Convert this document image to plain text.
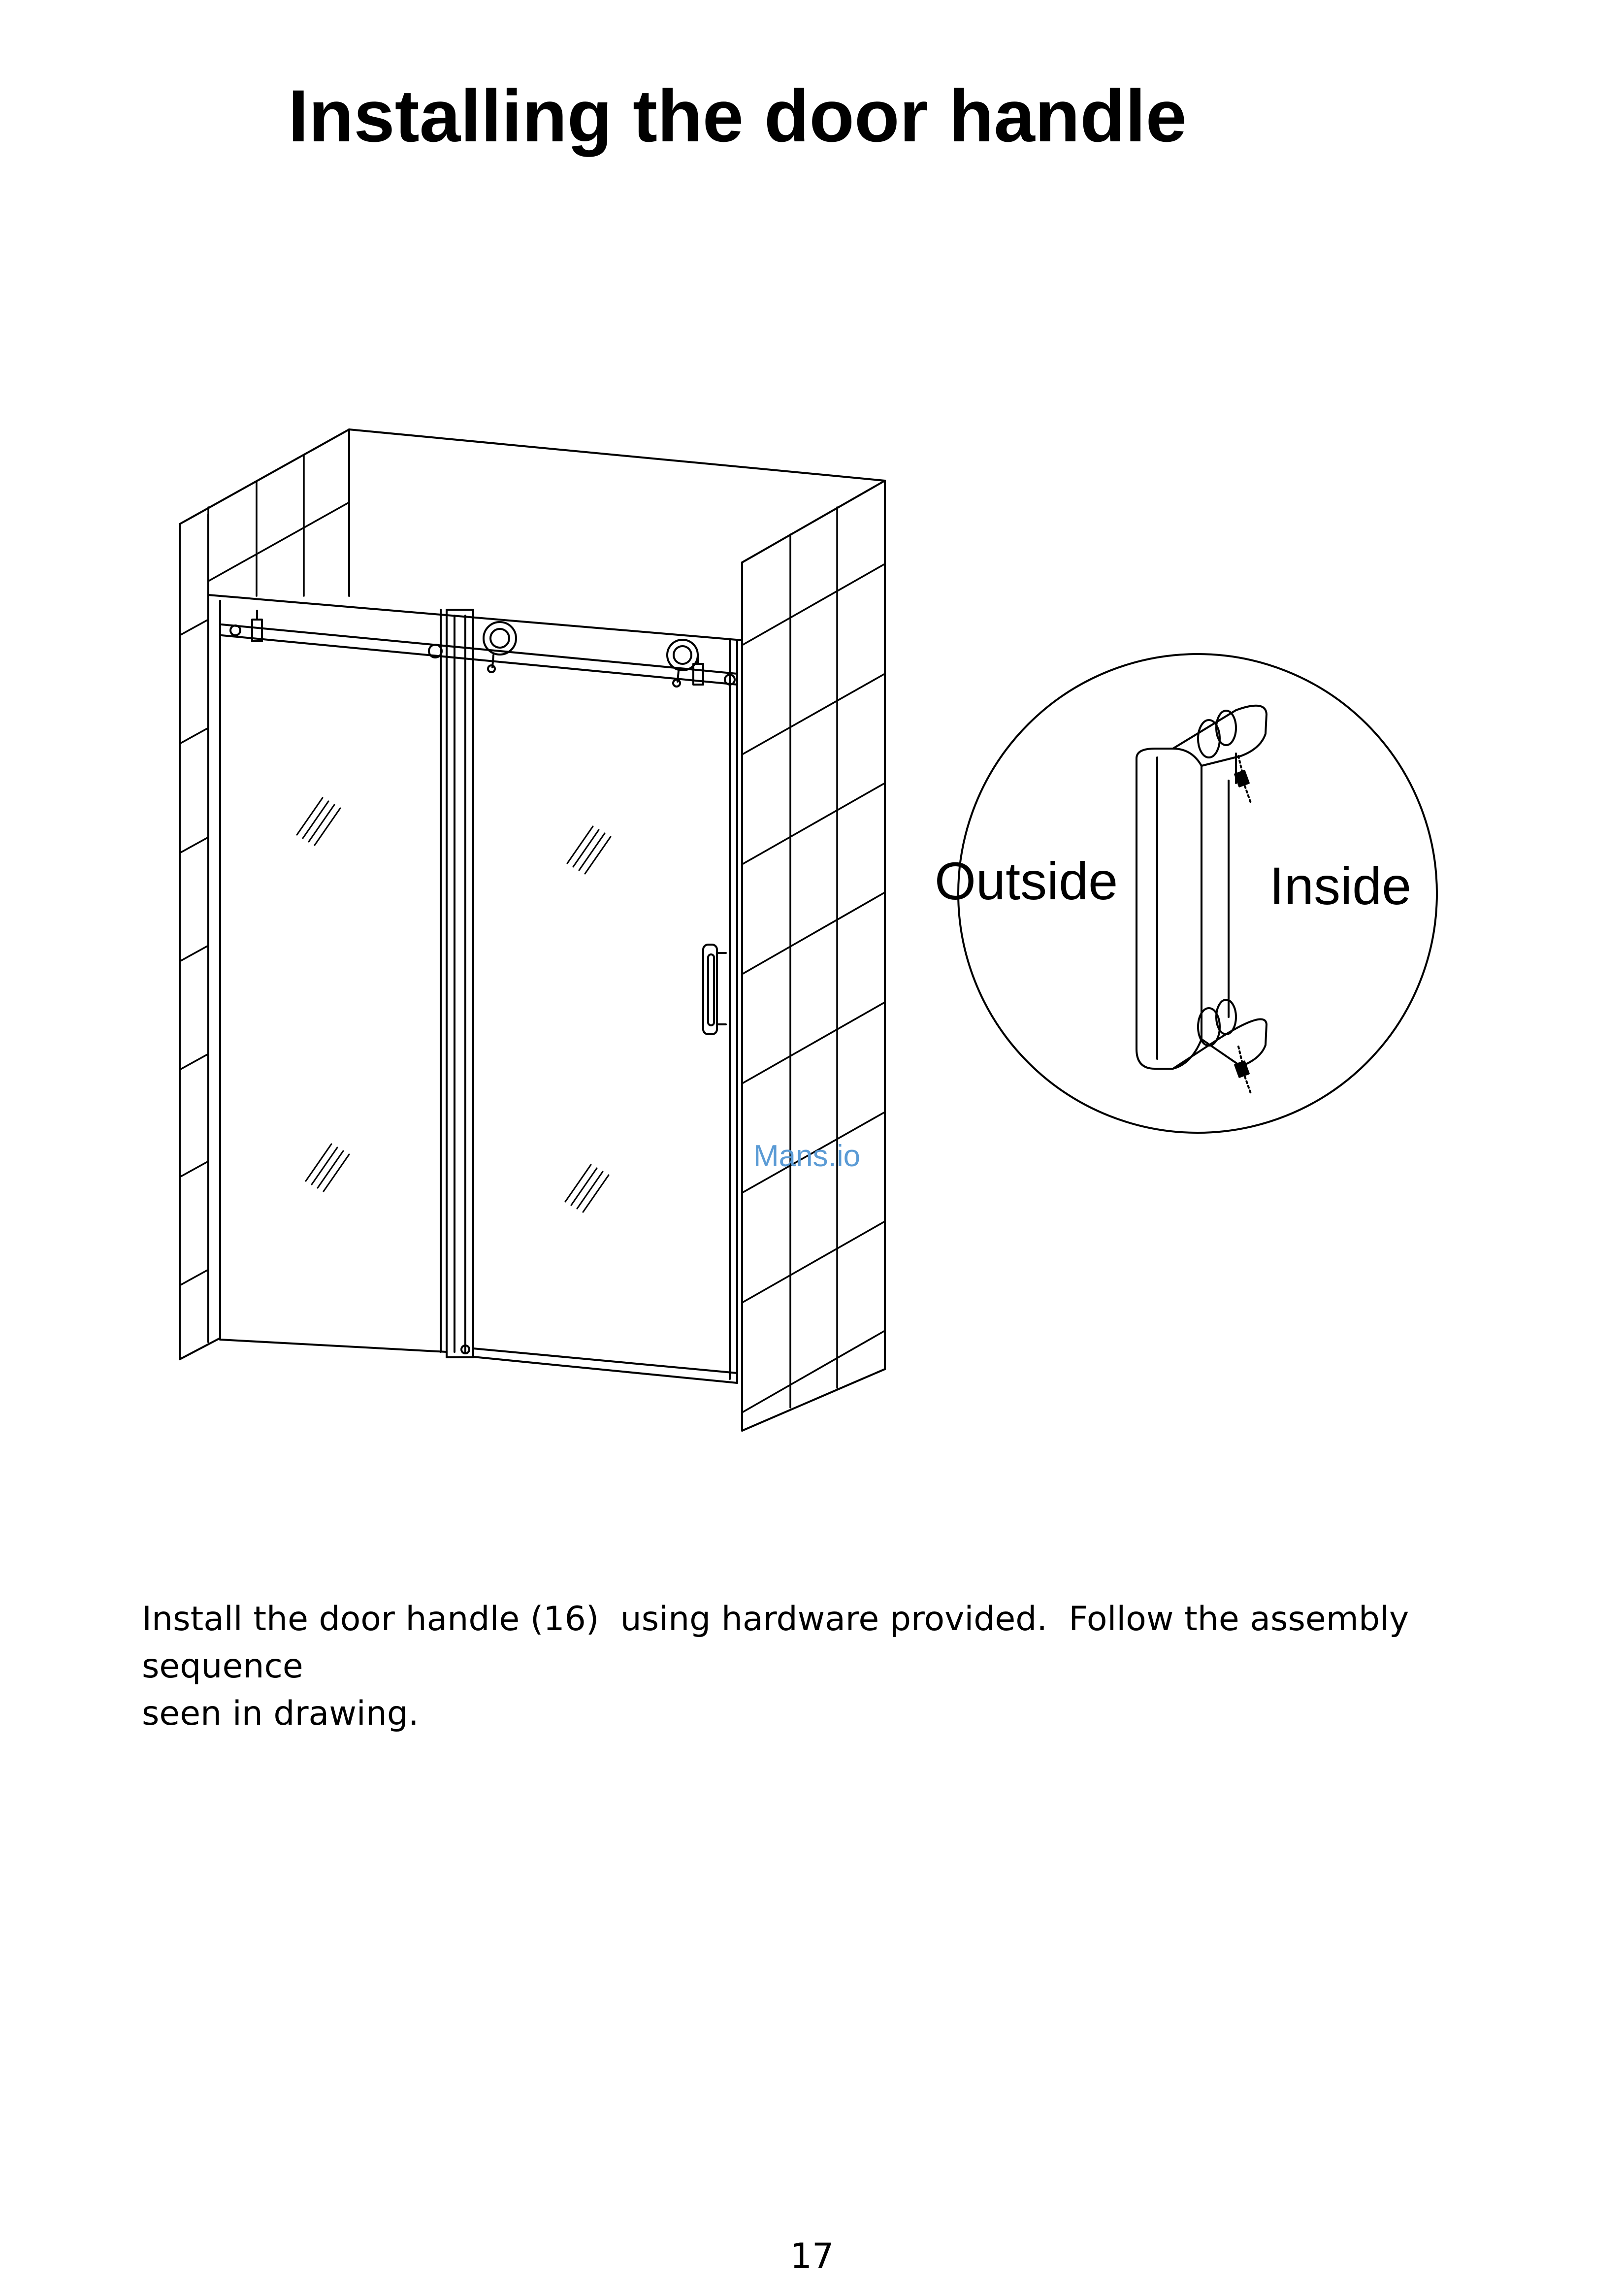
Installing the door handle
Outside	Inside
Mans.io

Install the door handle (16)  using hardware provided.  Follow the assembly sequence
seen in drawing.

17
